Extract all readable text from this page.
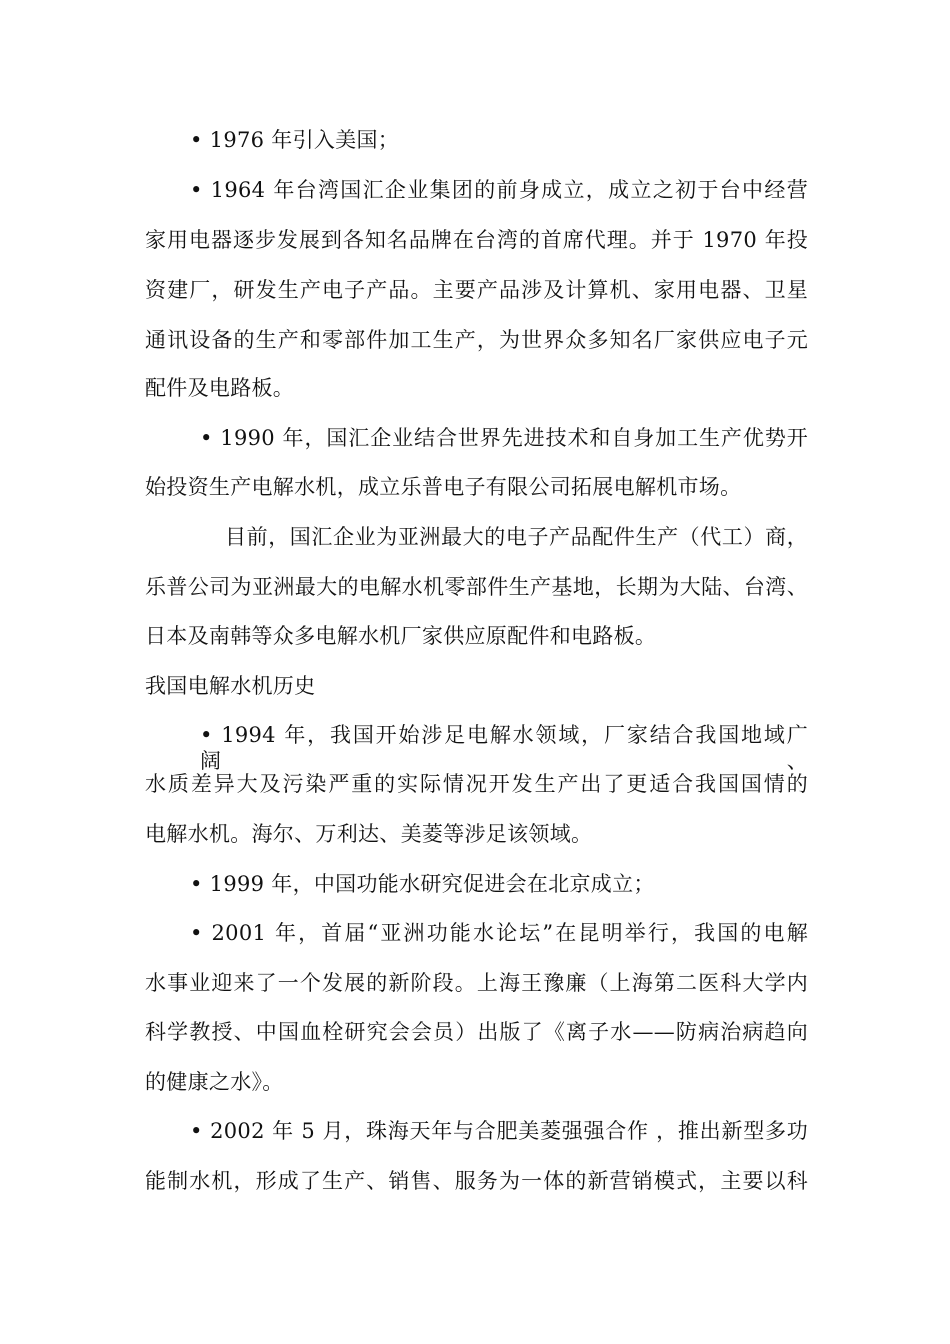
• 1976 年引入美国；
• 1964 年台湾国汇企业集团的前身成立，成立之初于台中经营
家用电器逐步发展到各知名品牌在台湾的首席代理。并于 1970 年投
资建厂，研发生产电子产品。主要产品涉及计算机、家用电器、卫星
通讯设备的生产和零部件加工生产，为世界众多知名厂家供应电子元
配件及电路板。
• 1990 年，国汇企业结合世界先进技术和自身加工生产优势开
始投资生产电解水机，成立乐普电子有限公司拓展电解机市场。
目前，国汇企业为亚洲最大的电子产品配件生产（代工）商，
乐普公司为亚洲最大的电解水机零部件生产基地，长期为大陆、台湾、
日本及南韩等众多电解水机厂家供应原配件和电路板。
我国电解水机历史
• 1994 年，我国开始涉足电解水领域，厂家结合我国地域广阔、
水质差异大及污染严重的实际情况开发生产出了更适合我国国情的
电解水机。海尔、万利达、美菱等涉足该领域。
• 1999 年，中国功能水研究促进会在北京成立；
• 2001 年，首届“亚洲功能水论坛”在昆明举行，我国的电解
水事业迎来了一个发展的新阶段。上海王豫廉（上海第二医科大学内
科学教授、中国血栓研究会会员）出版了《离子水——防病治病趋向
的健康之水》。
• 2002 年 5 月，珠海天年与合肥美菱强强合作 ，推出新型多功
能制水机，形成了生产、销售、服务为一体的新营销模式，主要以科
